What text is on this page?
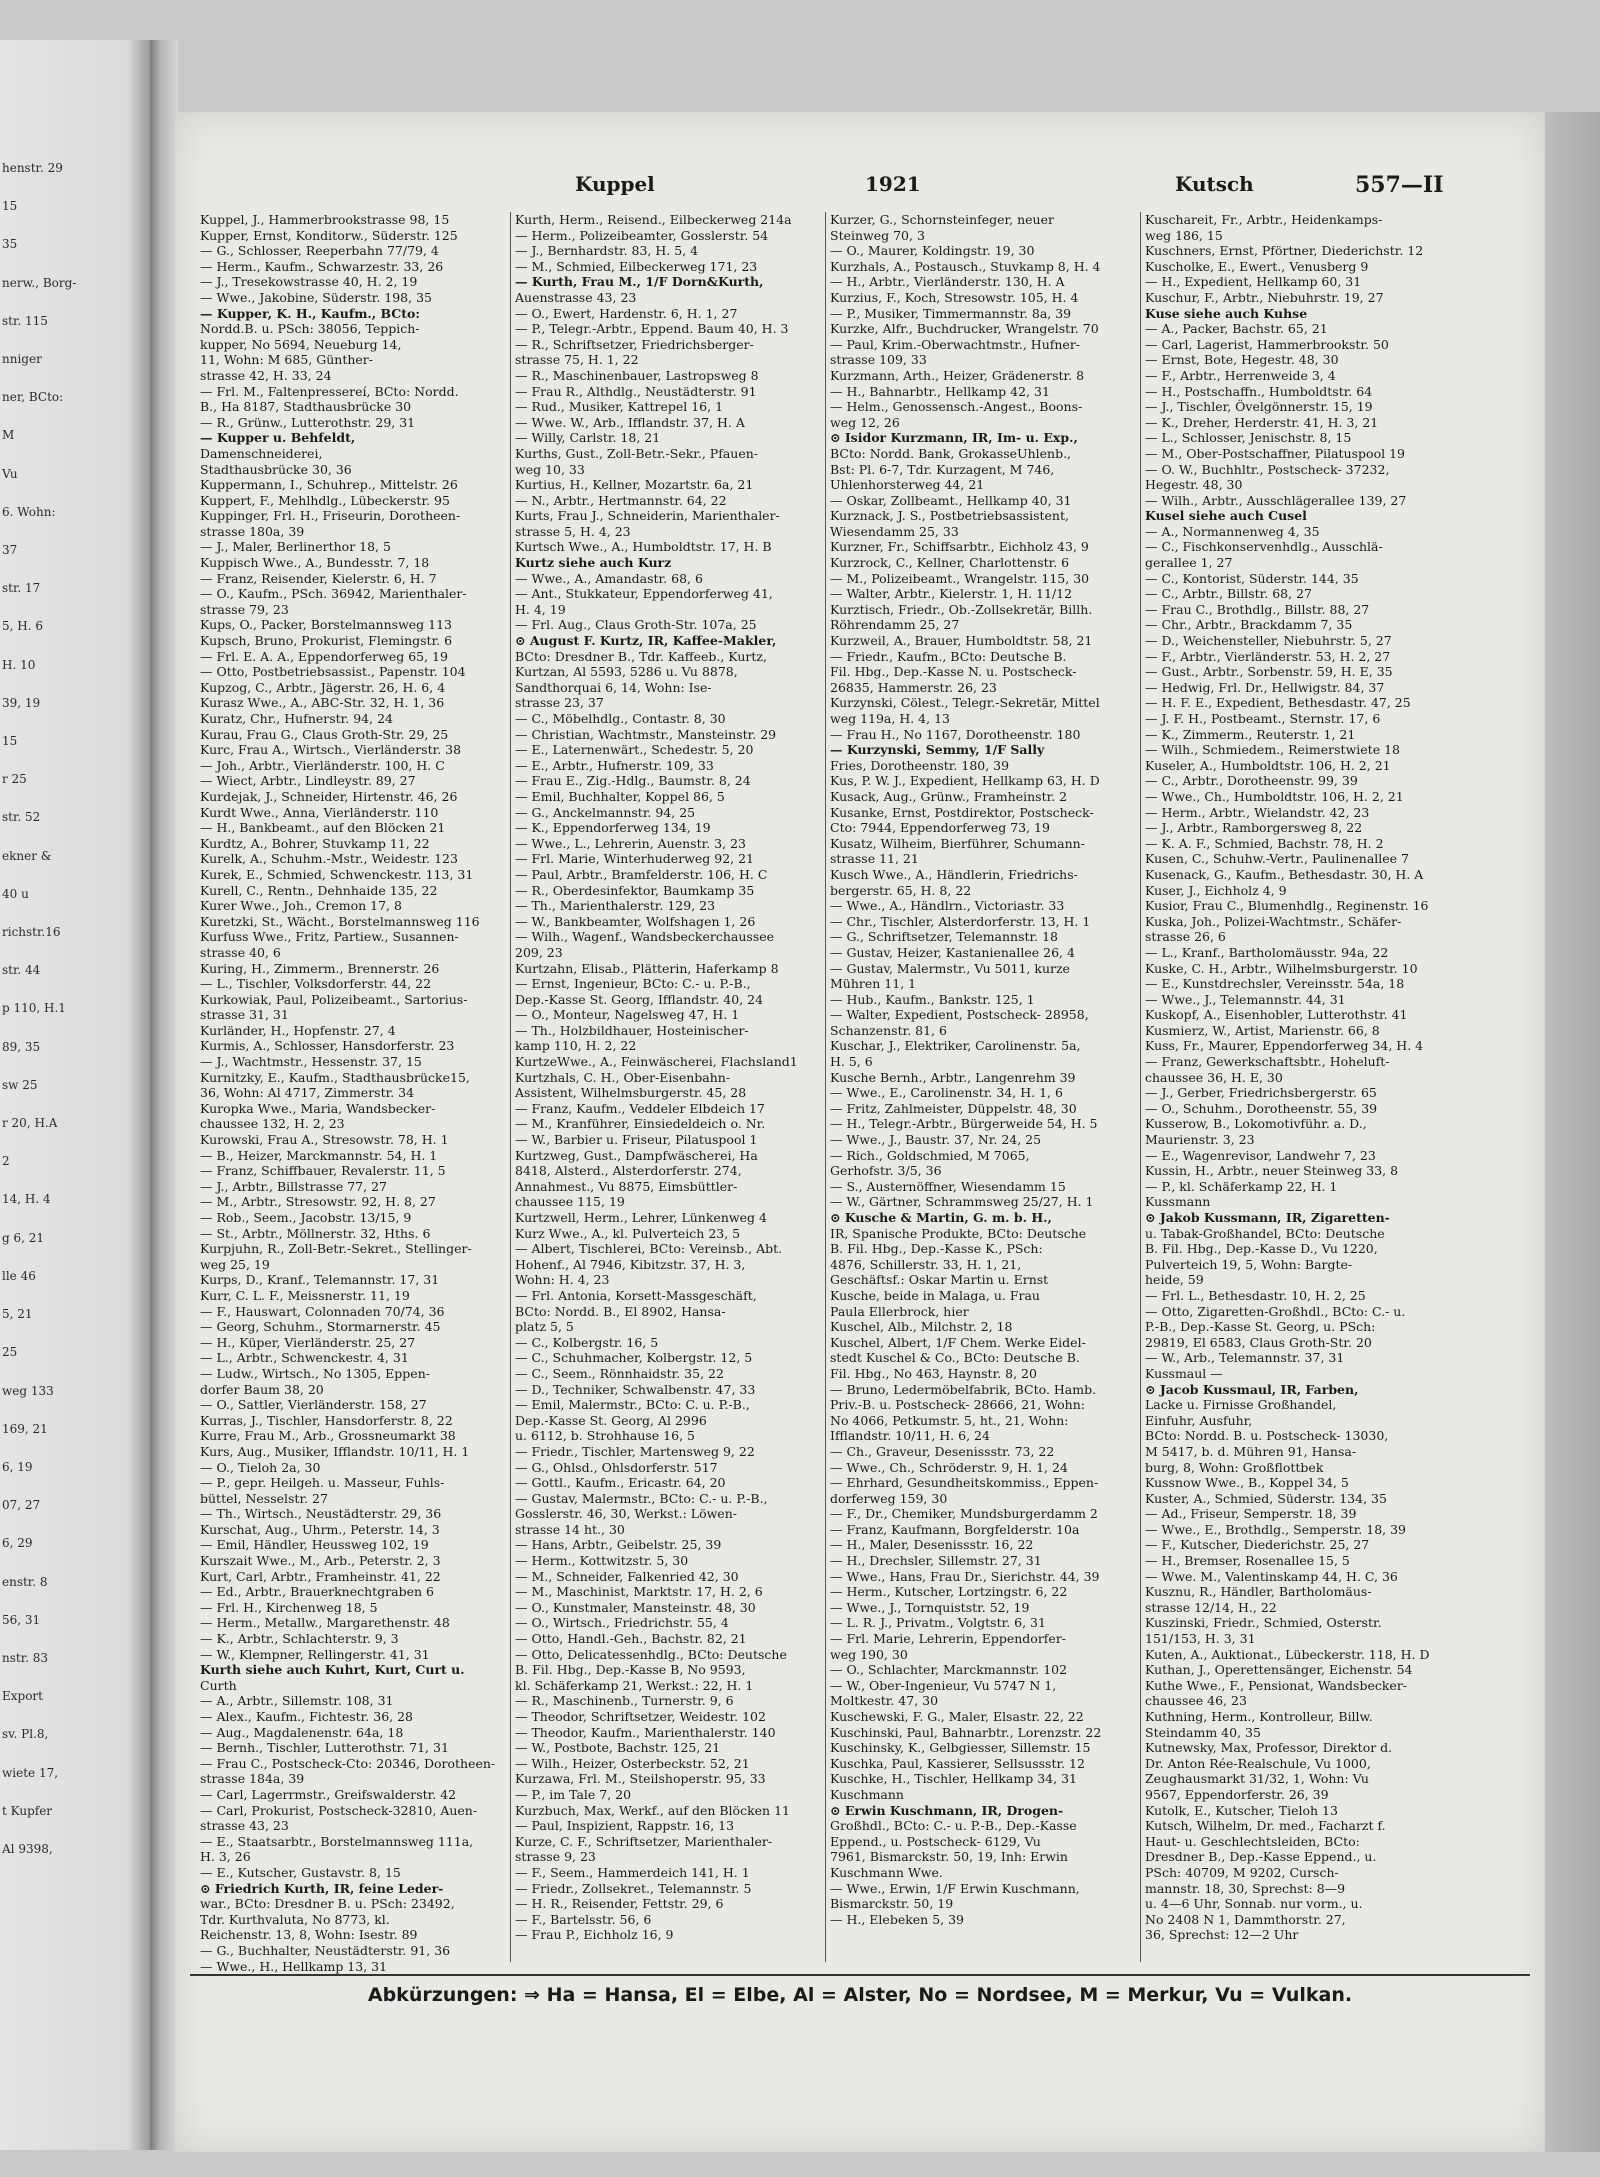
henstr. 29
15
35
nerw., Borg-
str. 115
nniger
ner, BCto:
M
Vu
6. Wohn:
37
str. 17
5, H. 6
H. 10
39, 19
15
r 25
str. 52
ekner &
40 u
richstr.16
str. 44
p 110, H.1
89, 35
sw 25
r 20, H.A
2
14, H. 4
g 6, 21
lle 46
5, 21
25
weg 133
169, 21
6, 19
07, 27
6, 29
enstr. 8
56, 31
nstr. 83
Export
sv. Pl.8,
wiete 17,
t Kupfer
Al 9398,
Kuppel	1921	Kutsch	557—II
Kuppel, J., Hammerbrookstrasse 98, 15
Kupper, Ernst, Konditorw., Süderstr. 125
— G., Schlosser, Reeperbahn 77/79, 4
— Herm., Kaufm., Schwarzestr. 33, 26
— J., Tresekowstrasse 40, H. 2, 19
— Wwe., Jakobine, Süderstr. 198, 35
— Kupper, K. H., Kaufm., BCto:
Nordd.B. u. PSch: 38056, Teppich-
kupper, No 5694, Neueburg 14,
11, Wohn: M 685, Günther-
strasse 42, H. 33, 24
— Frl. M., Faltenpressereí, BCto: Nordd.
B., Ha 8187, Stadthausbrücke 30
— R., Grünw., Lutterothstr. 29, 31
— Kupper u. Behfeldt,
Damenschneiderei,
Stadthausbrücke 30, 36
Kuppermann, I., Schuhrep., Mittelstr. 26
Kuppert, F., Mehlhdlg., Lübeckerstr. 95
Kuppinger, Frl. H., Friseurin, Dorotheen-
strasse 180a, 39
— J., Maler, Berlinerthor 18, 5
Kuppisch Wwe., A., Bundesstr. 7, 18
— Franz, Reisender, Kielerstr. 6, H. 7
— O., Kaufm., PSch. 36942, Marienthaler-
strasse 79, 23
Kups, O., Packer, Borstelmannsweg 113
Kupsch, Bruno, Prokurist, Flemingstr. 6
— Frl. E. A. A., Eppendorferweg 65, 19
— Otto, Postbetriebsassist., Papenstr. 104
Kupzog, C., Arbtr., Jägerstr. 26, H. 6, 4
Kurasz Wwe., A., ABC-Str. 32, H. 1, 36
Kuratz, Chr., Hufnerstr. 94, 24
Kurau, Frau G., Claus Groth-Str. 29, 25
Kurc, Frau A., Wirtsch., Vierländerstr. 38
— Joh., Arbtr., Vierländerstr. 100, H. C
— Wiect, Arbtr., Lindleystr. 89, 27
Kurdejak, J., Schneider, Hirtenstr. 46, 26
Kurdt Wwe., Anna, Vierländerstr. 110
— H., Bankbeamt., auf den Blöcken 21
Kurdtz, A., Bohrer, Stuvkamp 11, 22
Kurelk, A., Schuhm.-Mstr., Weidestr. 123
Kurek, E., Schmied, Schwenckestr. 113, 31
Kurell, C., Rentn., Dehnhaide 135, 22
Kurer Wwe., Joh., Cremon 17, 8
Kuretzki, St., Wächt., Borstelmannsweg 116
Kurfuss Wwe., Fritz, Partiew., Susannen-
strasse 40, 6
Kuring, H., Zimmerm., Brennerstr. 26
— L., Tischler, Volksdorferstr. 44, 22
Kurkowiak, Paul, Polizeibeamt., Sartorius-
strasse 31, 31
Kurländer, H., Hopfenstr. 27, 4
Kurmis, A., Schlosser, Hansdorferstr. 23
— J., Wachtmstr., Hessenstr. 37, 15
Kurnitzky, E., Kaufm., Stadthausbrücke15,
36, Wohn: Al 4717, Zimmerstr. 34
Kuropka Wwe., Maria, Wandsbecker-
chaussee 132, H. 2, 23
Kurowski, Frau A., Stresowstr. 78, H. 1
— B., Heizer, Marckmannstr. 54, H. 1
— Franz, Schiffbauer, Revalerstr. 11, 5
— J., Arbtr., Billstrasse 77, 27
— M., Arbtr., Stresowstr. 92, H. 8, 27
— Rob., Seem., Jacobstr. 13/15, 9
— St., Arbtr., Möllnerstr. 32, Hths. 6
Kurpjuhn, R., Zoll-Betr.-Sekret., Stellinger-
weg 25, 19
Kurps, D., Kranf., Telemannstr. 17, 31
Kurr, C. L. F., Meissnerstr. 11, 19
— F., Hauswart, Colonnaden 70/74, 36
— Georg, Schuhm., Stormarnerstr. 45
— H., Küper, Vierländerstr. 25, 27
— L., Arbtr., Schwenckestr. 4, 31
— Ludw., Wirtsch., No 1305, Eppen-
dorfer Baum 38, 20
— O., Sattler, Vierländerstr. 158, 27
Kurras, J., Tischler, Hansdorferstr. 8, 22
Kurre, Frau M., Arb., Grossneumarkt 38
Kurs, Aug., Musiker, Ifflandstr. 10/11, H. 1
— O., Tieloh 2a, 30
— P., gepr. Heilgeh. u. Masseur, Fuhls-
büttel, Nesselstr. 27
— Th., Wirtsch., Neustädterstr. 29, 36
Kurschat, Aug., Uhrm., Peterstr. 14, 3
— Emil, Händler, Heussweg 102, 19
Kurszait Wwe., M., Arb., Peterstr. 2, 3
Kurt, Carl, Arbtr., Framheinstr. 41, 22
— Ed., Arbtr., Brauerknechtgraben 6
— Frl. H., Kirchenweg 18, 5
— Herm., Metallw., Margarethenstr. 48
— K., Arbtr., Schlachterstr. 9, 3
— W., Klempner, Rellingerstr. 41, 31
Kurth siehe auch Kuhrt, Kurt, Curt u.
Curth
— A., Arbtr., Sillemstr. 108, 31
— Alex., Kaufm., Fichtestr. 36, 28
— Aug., Magdalenenstr. 64a, 18
— Bernh., Tischler, Lutterothstr. 71, 31
— Frau C., Postscheck-Cto: 20346, Dorotheen-
strasse 184a, 39
— Carl, Lagerrmstr., Greifswalderstr. 42
— Carl, Prokurist, Postscheck-32810, Auen-
strasse 43, 23
— E., Staatsarbtr., Borstelmannsweg 111a,
H. 3, 26
— E., Kutscher, Gustavstr. 8, 15
⊙ Friedrich Kurth, IR, feine Leder-
war., BCto: Dresdner B. u. PSch: 23492,
Tdr. Kurthvaluta, No 8773, kl.
Reichenstr. 13, 8, Wohn: Isestr. 89
— G., Buchhalter, Neustädterstr. 91, 36
— Wwe., H., Hellkamp 13, 31
Kurth, Herm., Reisend., Eilbeckerweg 214a
— Herm., Polizeibeamter, Gosslerstr. 54
— J., Bernhardstr. 83, H. 5, 4
— M., Schmied, Eilbeckerweg 171, 23
— Kurth, Frau M., 1/F Dorn&Kurth,
Auenstrasse 43, 23
— O., Ewert, Hardenstr. 6, H. 1, 27
— P., Telegr.-Arbtr., Eppend. Baum 40, H. 3
— R., Schriftsetzer, Friedrichsberger-
strasse 75, H. 1, 22
— R., Maschinenbauer, Lastropsweg 8
— Frau R., Althdlg., Neustädterstr. 91
— Rud., Musiker, Kattrepel 16, 1
— Wwe. W., Arb., Ifflandstr. 37, H. A
— Willy, Carlstr. 18, 21
Kurths, Gust., Zoll-Betr.-Sekr., Pfauen-
weg 10, 33
Kurtius, H., Kellner, Mozartstr. 6a, 21
— N., Arbtr., Hertmannstr. 64, 22
Kurts, Frau J., Schneiderin, Marienthaler-
strasse 5, H. 4, 23
Kurtsch Wwe., A., Humboldtstr. 17, H. B
Kurtz siehe auch Kurz
— Wwe., A., Amandastr. 68, 6
— Ant., Stukkateur, Eppendorferweg 41,
H. 4, 19
— Frl. Aug., Claus Groth-Str. 107a, 25
⊙ August F. Kurtz, IR, Kaffee-Makler,
BCto: Dresdner B., Tdr. Kaffeeb., Kurtz,
Kurtzan, Al 5593, 5286 u. Vu 8878,
Sandthorquai 6, 14, Wohn: Ise-
strasse 23, 37
— C., Möbelhdlg., Contastr. 8, 30
— Christian, Wachtmstr., Mansteinstr. 29
— E., Laternenwärt., Schedestr. 5, 20
— E., Arbtr., Hufnerstr. 109, 33
— Frau E., Zig.-Hdlg., Baumstr. 8, 24
— Emil, Buchhalter, Koppel 86, 5
— G., Anckelmannstr. 94, 25
— K., Eppendorferweg 134, 19
— Wwe., L., Lehrerin, Auenstr. 3, 23
— Frl. Marie, Winterhuderweg 92, 21
— Paul, Arbtr., Bramfelderstr. 106, H. C
— R., Oberdesinfektor, Baumkamp 35
— Th., Marienthalerstr. 129, 23
— W., Bankbeamter, Wolfshagen 1, 26
— Wilh., Wagenf., Wandsbeckerchaussee
209, 23
Kurtzahn, Elisab., Plätterin, Haferkamp 8
— Ernst, Ingenieur, BCto: C.- u. P.-B.,
Dep.-Kasse St. Georg, Ifflandstr. 40, 24
— O., Monteur, Nagelsweg 47, H. 1
— Th., Holzbildhauer, Hosteinischer-
kamp 110, H. 2, 22
KurtzeWwe., A., Feinwäscherei, Flachsland1
Kurtzhals, C. H., Ober-Eisenbahn-
Assistent, Wilhelmsburgerstr. 45, 28
— Franz, Kaufm., Veddeler Elbdeich 17
— M., Kranführer, Einsiedeldeich o. Nr.
— W., Barbier u. Friseur, Pilatuspool 1
Kurtzweg, Gust., Dampfwäscherei, Ha
8418, Alsterd., Alsterdorferstr. 274,
Annahmest., Vu 8875, Eimsbüttler-
chaussee 115, 19
Kurtzwell, Herm., Lehrer, Lünkenweg 4
Kurz Wwe., A., kl. Pulverteich 23, 5
— Albert, Tischlerei, BCto: Vereinsb., Abt.
Hohenf., Al 7946, Kibitzstr. 37, H. 3,
Wohn: H. 4, 23
— Frl. Antonia, Korsett-Massgeschäft,
BCto: Nordd. B., El 8902, Hansa-
platz 5, 5
— C., Kolbergstr. 16, 5
— C., Schuhmacher, Kolbergstr. 12, 5
— C., Seem., Rönnhaidstr. 35, 22
— D., Techniker, Schwalbenstr. 47, 33
— Emil, Malermstr., BCto: C. u. P.-B.,
Dep.-Kasse St. Georg, Al 2996
u. 6112, b. Strohhause 16, 5
— Friedr., Tischler, Martensweg 9, 22
— G., Ohlsd., Ohlsdorferstr. 517
— Gottl., Kaufm., Ericastr. 64, 20
— Gustav, Malermstr., BCto: C.- u. P.-B.,
Gosslerstr. 46, 30, Werkst.: Löwen-
strasse 14 ht., 30
— Hans, Arbtr., Geibelstr. 25, 39
— Herm., Kottwitzstr. 5, 30
— M., Schneider, Falkenried 42, 30
— M., Maschinist, Marktstr. 17, H. 2, 6
— O., Kunstmaler, Mansteinstr. 48, 30
— O., Wirtsch., Friedrichstr. 55, 4
— Otto, Handl.-Geh., Bachstr. 82, 21
— Otto, Delicatessenhdlg., BCto: Deutsche
B. Fil. Hbg., Dep.-Kasse B, No 9593,
kl. Schäferkamp 21, Werkst.: 22, H. 1
— R., Maschinenb., Turnerstr. 9, 6
— Theodor, Schriftsetzer, Weidestr. 102
— Theodor, Kaufm., Marienthalerstr. 140
— W., Postbote, Bachstr. 125, 21
— Wilh., Heizer, Osterbeckstr. 52, 21
Kurzawa, Frl. M., Steilshoperstr. 95, 33
— P., im Tale 7, 20
Kurzbuch, Max, Werkf., auf den Blöcken 11
— Paul, Inspizient, Rappstr. 16, 13
Kurze, C. F., Schriftsetzer, Marienthaler-
strasse 9, 23
— F., Seem., Hammerdeich 141, H. 1
— Friedr., Zollsekret., Telemannstr. 5
— H. R., Reisender, Fettstr. 29, 6
— F., Bartelsstr. 56, 6
— Frau P., Eichholz 16, 9
Kurzer, G., Schornsteinfeger, neuer
Steinweg 70, 3
— O., Maurer, Koldingstr. 19, 30
Kurzhals, A., Postausch., Stuvkamp 8, H. 4
— H., Arbtr., Vierländerstr. 130, H. A
Kurzius, F., Koch, Stresowstr. 105, H. 4
— P., Musiker, Timmermannstr. 8a, 39
Kurzke, Alfr., Buchdrucker, Wrangelstr. 70
— Paul, Krim.-Oberwachtmstr., Hufner-
strasse 109, 33
Kurzmann, Arth., Heizer, Grädenerstr. 8
— H., Bahnarbtr., Hellkamp 42, 31
— Helm., Genossensch.-Angest., Boons-
weg 12, 26
⊙ Isidor Kurzmann, IR, Im- u. Exp.,
BCto: Nordd. Bank, GrokasseUhlenb.,
Bst: Pl. 6-7, Tdr. Kurzagent, M 746,
Uhlenhorsterweg 44, 21
— Oskar, Zollbeamt., Hellkamp 40, 31
Kurznack, J. S., Postbetriebsassistent,
Wiesendamm 25, 33
Kurzner, Fr., Schiffsarbtr., Eichholz 43, 9
Kurzrock, C., Kellner, Charlottenstr. 6
— M., Polizeibeamt., Wrangelstr. 115, 30
— Walter, Arbtr., Kielerstr. 1, H. 11/12
Kurztisch, Friedr., Ob.-Zollsekretär, Billh.
Röhrendamm 25, 27
Kurzweil, A., Brauer, Humboldtstr. 58, 21
— Friedr., Kaufm., BCto: Deutsche B.
Fil. Hbg., Dep.-Kasse N. u. Postscheck-
26835, Hammerstr. 26, 23
Kurzynski, Cölest., Telegr.-Sekretär, Mittel
weg 119a, H. 4, 13
— Frau H., No 1167, Dorotheenstr. 180
— Kurzynski, Semmy, 1/F Sally
Fries, Dorotheenstr. 180, 39
Kus, P. W. J., Expedient, Hellkamp 63, H. D
Kusack, Aug., Grünw., Framheinstr. 2
Kusanke, Ernst, Postdirektor, Postscheck-
Cto: 7944, Eppendorferweg 73, 19
Kusatz, Wilheim, Bierführer, Schumann-
strasse 11, 21
Kusch Wwe., A., Händlerin, Friedrichs-
bergerstr. 65, H. 8, 22
— Wwe., A., Händlrn., Victoriastr. 33
— Chr., Tischler, Alsterdorferstr. 13, H. 1
— G., Schriftsetzer, Telemannstr. 18
— Gustav, Heizer, Kastanienallee 26, 4
— Gustav, Malermstr., Vu 5011, kurze
Mühren 11, 1
— Hub., Kaufm., Bankstr. 125, 1
— Walter, Expedient, Postscheck- 28958,
Schanzenstr. 81, 6
Kuschar, J., Elektriker, Carolinenstr. 5a,
H. 5, 6
Kusche Bernh., Arbtr., Langenrehm 39
— Wwe., E., Carolinenstr. 34, H. 1, 6
— Fritz, Zahlmeister, Düppelstr. 48, 30
— H., Telegr.-Arbtr., Bürgerweide 54, H. 5
— Wwe., J., Baustr. 37, Nr. 24, 25
— Rich., Goldschmied, M 7065,
Gerhofstr. 3/5, 36
— S., Austernöffner, Wiesendamm 15
— W., Gärtner, Schrammsweg 25/27, H. 1
⊙ Kusche & Martin, G. m. b. H.,
IR, Spanische Produkte, BCto: Deutsche
B. Fil. Hbg., Dep.-Kasse K., PSch:
4876, Schillerstr. 33, H. 1, 21,
Geschäftsf.: Oskar Martin u. Ernst
Kusche, beide in Malaga, u. Frau
Paula Ellerbrock, hier
Kuschel, Alb., Milchstr. 2, 18
Kuschel, Albert, 1/F Chem. Werke Eidel-
stedt Kuschel & Co., BCto: Deutsche B.
Fil. Hbg., No 463, Haynstr. 8, 20
— Bruno, Ledermöbelfabrik, BCto. Hamb.
Priv.-B. u. Postscheck- 28666, 21, Wohn:
No 4066, Petkumstr. 5, ht., 21, Wohn:
Ifflandstr. 10/11, H. 6, 24
— Ch., Graveur, Desenissstr. 73, 22
— Wwe., Ch., Schröderstr. 9, H. 1, 24
— Ehrhard, Gesundheitskommiss., Eppen-
dorferweg 159, 30
— F., Dr., Chemiker, Mundsburgerdamm 2
— Franz, Kaufmann, Borgfelderstr. 10a
— H., Maler, Desenissstr. 16, 22
— H., Drechsler, Sillemstr. 27, 31
— Wwe., Hans, Frau Dr., Sierichstr. 44, 39
— Herm., Kutscher, Lortzingstr. 6, 22
— Wwe., J., Tornquiststr. 52, 19
— L. R. J., Privatm., Volgtstr. 6, 31
— Frl. Marie, Lehrerin, Eppendorfer-
weg 190, 30
— O., Schlachter, Marckmannstr. 102
— W., Ober-Ingenieur, Vu 5747 N 1,
Moltkestr. 47, 30
Kuschewski, F. G., Maler, Elsastr. 22, 22
Kuschinski, Paul, Bahnarbtr., Lorenzstr. 22
Kuschinsky, K., Gelbgiesser, Sillemstr. 15
Kuschka, Paul, Kassierer, Sellsussstr. 12
Kuschke, H., Tischler, Hellkamp 34, 31
Kuschmann
⊙ Erwin Kuschmann, IR, Drogen-
Großhdl., BCto: C.- u. P.-B., Dep.-Kasse
Eppend., u. Postscheck- 6129, Vu
7961, Bismarckstr. 50, 19, Inh: Erwin
Kuschmann Wwe.
— Wwe., Erwin, 1/F Erwin Kuschmann,
Bismarckstr. 50, 19
— H., Elebeken 5, 39
Kuschareit, Fr., Arbtr., Heidenkamps-
weg 186, 15
Kuschners, Ernst, Pförtner, Diederichstr. 12
Kuscholke, E., Ewert., Venusberg 9
— H., Expedient, Hellkamp 60, 31
Kuschur, F., Arbtr., Niebuhrstr. 19, 27
Kuse siehe auch Kuhse
— A., Packer, Bachstr. 65, 21
— Carl, Lagerist, Hammerbrookstr. 50
— Ernst, Bote, Hegestr. 48, 30
— F., Arbtr., Herrenweide 3, 4
— H., Postschaffn., Humboldtstr. 64
— J., Tischler, Övelgönnerstr. 15, 19
— K., Dreher, Herderstr. 41, H. 3, 21
— L., Schlosser, Jenischstr. 8, 15
— M., Ober-Postschaffner, Pilatuspool 19
— O. W., Buchhltr., Postscheck- 37232,
Hegestr. 48, 30
— Wilh., Arbtr., Ausschlägerallee 139, 27
Kusel siehe auch Cusel
— A., Normannenweg 4, 35
— C., Fischkonservenhdlg., Ausschlä-
gerallee 1, 27
— C., Kontorist, Süderstr. 144, 35
— C., Arbtr., Billstr. 68, 27
— Frau C., Brothdlg., Billstr. 88, 27
— Chr., Arbtr., Brackdamm 7, 35
— D., Weichensteller, Niebuhrstr. 5, 27
— F., Arbtr., Vierländerstr. 53, H. 2, 27
— Gust., Arbtr., Sorbenstr. 59, H. E, 35
— Hedwig, Frl. Dr., Hellwigstr. 84, 37
— H. F. E., Expedient, Bethesdastr. 47, 25
— J. F. H., Postbeamt., Sternstr. 17, 6
— K., Zimmerm., Reuterstr. 1, 21
— Wilh., Schmiedem., Reimerstwiete 18
Kuseler, A., Humboldtstr. 106, H. 2, 21
— C., Arbtr., Dorotheenstr. 99, 39
— Wwe., Ch., Humboldtstr. 106, H. 2, 21
— Herm., Arbtr., Wielandstr. 42, 23
— J., Arbtr., Ramborgersweg 8, 22
— K. A. F., Schmied, Bachstr. 78, H. 2
Kusen, C., Schuhw.-Vertr., Paulinenallee 7
Kusenack, G., Kaufm., Bethesdastr. 30, H. A
Kuser, J., Eichholz 4, 9
Kusior, Frau C., Blumenhdlg., Reginenstr. 16
Kuska, Joh., Polizei-Wachtmstr., Schäfer-
strasse 26, 6
— L., Kranf., Bartholomäusstr. 94a, 22
Kuske, C. H., Arbtr., Wilhelmsburgerstr. 10
— E., Kunstdrechsler, Vereinsstr. 54a, 18
— Wwe., J., Telemannstr. 44, 31
Kuskopf, A., Eisenhobler, Lutterothstr. 41
Kusmierz, W., Artist, Marienstr. 66, 8
Kuss, Fr., Maurer, Eppendorferweg 34, H. 4
— Franz, Gewerkschaftsbtr., Hoheluft-
chaussee 36, H. E, 30
— J., Gerber, Friedrichsbergerstr. 65
— O., Schuhm., Dorotheenstr. 55, 39
Kusserow, B., Lokomotivführ. a. D.,
Maurienstr. 3, 23
— E., Wagenrevisor, Landwehr 7, 23
Kussin, H., Arbtr., neuer Steinweg 33, 8
— P., kl. Schäferkamp 22, H. 1
Kussmann
⊙ Jakob Kussmann, IR, Zigaretten-
u. Tabak-Großhandel, BCto: Deutsche
B. Fil. Hbg., Dep.-Kasse D., Vu 1220,
Pulverteich 19, 5, Wohn: Bargte-
heide, 59
— Frl. L., Bethesdastr. 10, H. 2, 25
— Otto, Zigaretten-Großhdl., BCto: C.- u.
P.-B., Dep.-Kasse St. Georg, u. PSch:
29819, El 6583, Claus Groth-Str. 20
— W., Arb., Telemannstr. 37, 31
Kussmaul —
⊙ Jacob Kussmaul, IR, Farben,
Lacke u. Firnisse Großhandel,
Einfuhr, Ausfuhr,
BCto: Nordd. B. u. Postscheck- 13030,
M 5417, b. d. Mühren 91, Hansa-
burg, 8, Wohn: Großflottbek
Kussnow Wwe., B., Koppel 34, 5
Kuster, A., Schmied, Süderstr. 134, 35
— Ad., Friseur, Semperstr. 18, 39
— Wwe., E., Brothdlg., Semperstr. 18, 39
— F., Kutscher, Diederichstr. 25, 27
— H., Bremser, Rosenallee 15, 5
— Wwe. M., Valentinskamp 44, H. C, 36
Kusznu, R., Händler, Bartholomäus-
strasse 12/14, H., 22
Kuszinski, Friedr., Schmied, Osterstr.
151/153, H. 3, 31
Kuten, A., Auktionat., Lübeckerstr. 118, H. D
Kuthan, J., Operettensänger, Eichenstr. 54
Kuthe Wwe., F., Pensionat, Wandsbecker-
chaussee 46, 23
Kuthning, Herm., Kontrolleur, Billw.
Steindamm 40, 35
Kutnewsky, Max, Professor, Direktor d.
Dr. Anton Rée-Realschule, Vu 1000,
Zeughausmarkt 31/32, 1, Wohn: Vu
9567, Eppendorferstr. 26, 39
Kutolk, E., Kutscher, Tieloh 13
Kutsch, Wilhelm, Dr. med., Facharzt f.
Haut- u. Geschlechtsleiden, BCto:
Dresdner B., Dep.-Kasse Eppend., u.
PSch: 40709, M 9202, Cursch-
mannstr. 18, 30, Sprechst: 8—9
u. 4—6 Uhr, Sonnab. nur vorm., u.
No 2408 N 1, Dammthorstr. 27,
36, Sprechst: 12—2 Uhr
Abkürzungen: ⇒ Ha = Hansa, El = Elbe, Al = Alster, No = Nordsee, M = Merkur, Vu = Vulkan.
